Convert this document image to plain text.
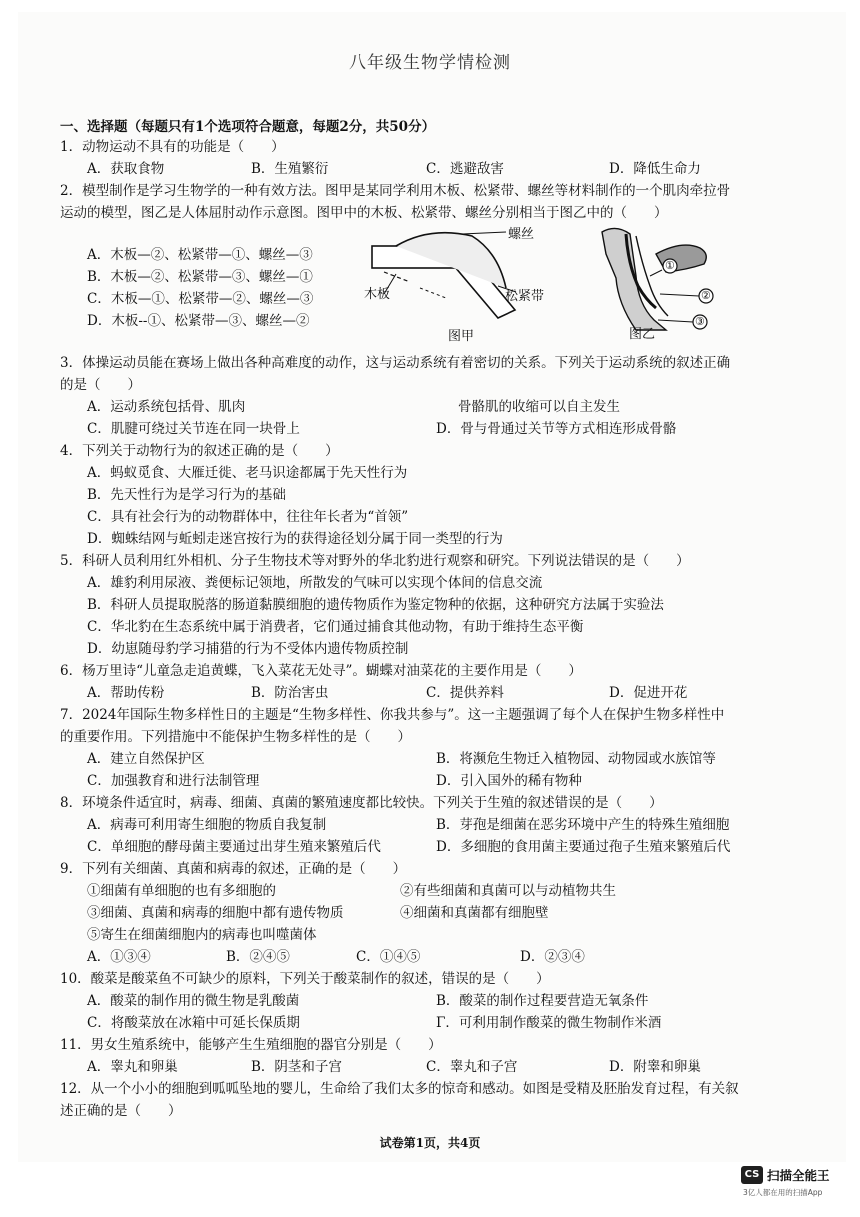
八年级生物学情检测
一、选择题（每题只有1个选项符合题意，每题2分，共50分）
1．动物运动不具有的功能是（　　）
A．获取食物	B．生殖繁衍	C．逃避敌害	D．降低生命力
2．模型制作是学习生物学的一种有效方法。图甲是某同学利用木板、松紧带、螺丝等材料制作的一个肌肉牵拉骨
运动的模型，图乙是人体屈肘动作示意图。图甲中的木板、松紧带、螺丝分别相当于图乙中的（　　）
A．木板—②、松紧带—①、螺丝—③
B．木板—②、松紧带—③、螺丝—①
C．木板—①、松紧带—②、螺丝—③
D．木板--①、松紧带—③、螺丝—②
螺丝
木板	松紧带
图甲
①
②
③
图乙
3．体操运动员能在赛场上做出各种高难度的动作，这与运动系统有着密切的关系。下列关于运动系统的叙述正确
的是（　　）
A．运动系统包括骨、肌肉	骨骼肌的收缩可以自主发生
C．肌腱可绕过关节连在同一块骨上	D．骨与骨通过关节等方式相连形成骨骼
4．下列关于动物行为的叙述正确的是（　　）
A．蚂蚁觅食、大雁迁徙、老马识途都属于先天性行为
B．先天性行为是学习行为的基础
C．具有社会行为的动物群体中，往往年长者为“首领”
D．蜘蛛结网与蚯蚓走迷宫按行为的获得途径划分属于同一类型的行为
5．科研人员利用红外相机、分子生物技术等对野外的华北豹进行观察和研究。下列说法错误的是（　　）
A．雄豹利用尿液、粪便标记领地，所散发的气味可以实现个体间的信息交流
B．科研人员提取脱落的肠道黏膜细胞的遗传物质作为鉴定物种的依据，这种研究方法属于实验法
C．华北豹在生态系统中属于消费者，它们通过捕食其他动物，有助于维持生态平衡
D．幼崽随母豹学习捕猎的行为不受体内遗传物质控制
6．杨万里诗“儿童急走追黄蝶，飞入菜花无处寻”。蝴蝶对油菜花的主要作用是（　　）
A．帮助传粉	B．防治害虫	C．提供养料	D．促进开花
7．2024年国际生物多样性日的主题是“生物多样性、你我共参与”。这一主题强调了每个人在保护生物多样性中
的重要作用。下列措施中不能保护生物多样性的是（　　）
A．建立自然保护区	B．将濒危生物迁入植物园、动物园或水族馆等
C．加强教育和进行法制管理	D．引入国外的稀有物种
8．环境条件适宜时，病毒、细菌、真菌的繁殖速度都比较快。下列关于生殖的叙述错误的是（　　）
A．病毒可利用寄生细胞的物质自我复制	B．芽孢是细菌在恶劣环境中产生的特殊生殖细胞
C．单细胞的酵母菌主要通过出芽生殖来繁殖后代	D．多细胞的食用菌主要通过孢子生殖来繁殖后代
9．下列有关细菌、真菌和病毒的叙述，正确的是（　　）
①细菌有单细胞的也有多细胞的	②有些细菌和真菌可以与动植物共生
③细菌、真菌和病毒的细胞中都有遗传物质	④细菌和真菌都有细胞壁
⑤寄生在细菌细胞内的病毒也叫噬菌体
A．①③④	B．②④⑤	C．①④⑤	D．②③④
10．酸菜是酸菜鱼不可缺少的原料，下列关于酸菜制作的叙述，错误的是（　　）
A．酸菜的制作用的微生物是乳酸菌	B．酸菜的制作过程要营造无氧条件
C．将酸菜放在冰箱中可延长保质期	Γ．可利用制作酸菜的微生物制作米酒
11．男女生殖系统中，能够产生生殖细胞的器官分别是（　　）
A．睾丸和卵巢	B．阴茎和子宫	C．睾丸和子宫	D．附睾和卵巢
12．从一个小小的细胞到呱呱坠地的婴儿，生命给了我们太多的惊奇和感动。如图是受精及胚胎发育过程，有关叙
述正确的是（　　）
试卷第1页，共4页
CS 扫描全能王
3亿人都在用的扫描App
